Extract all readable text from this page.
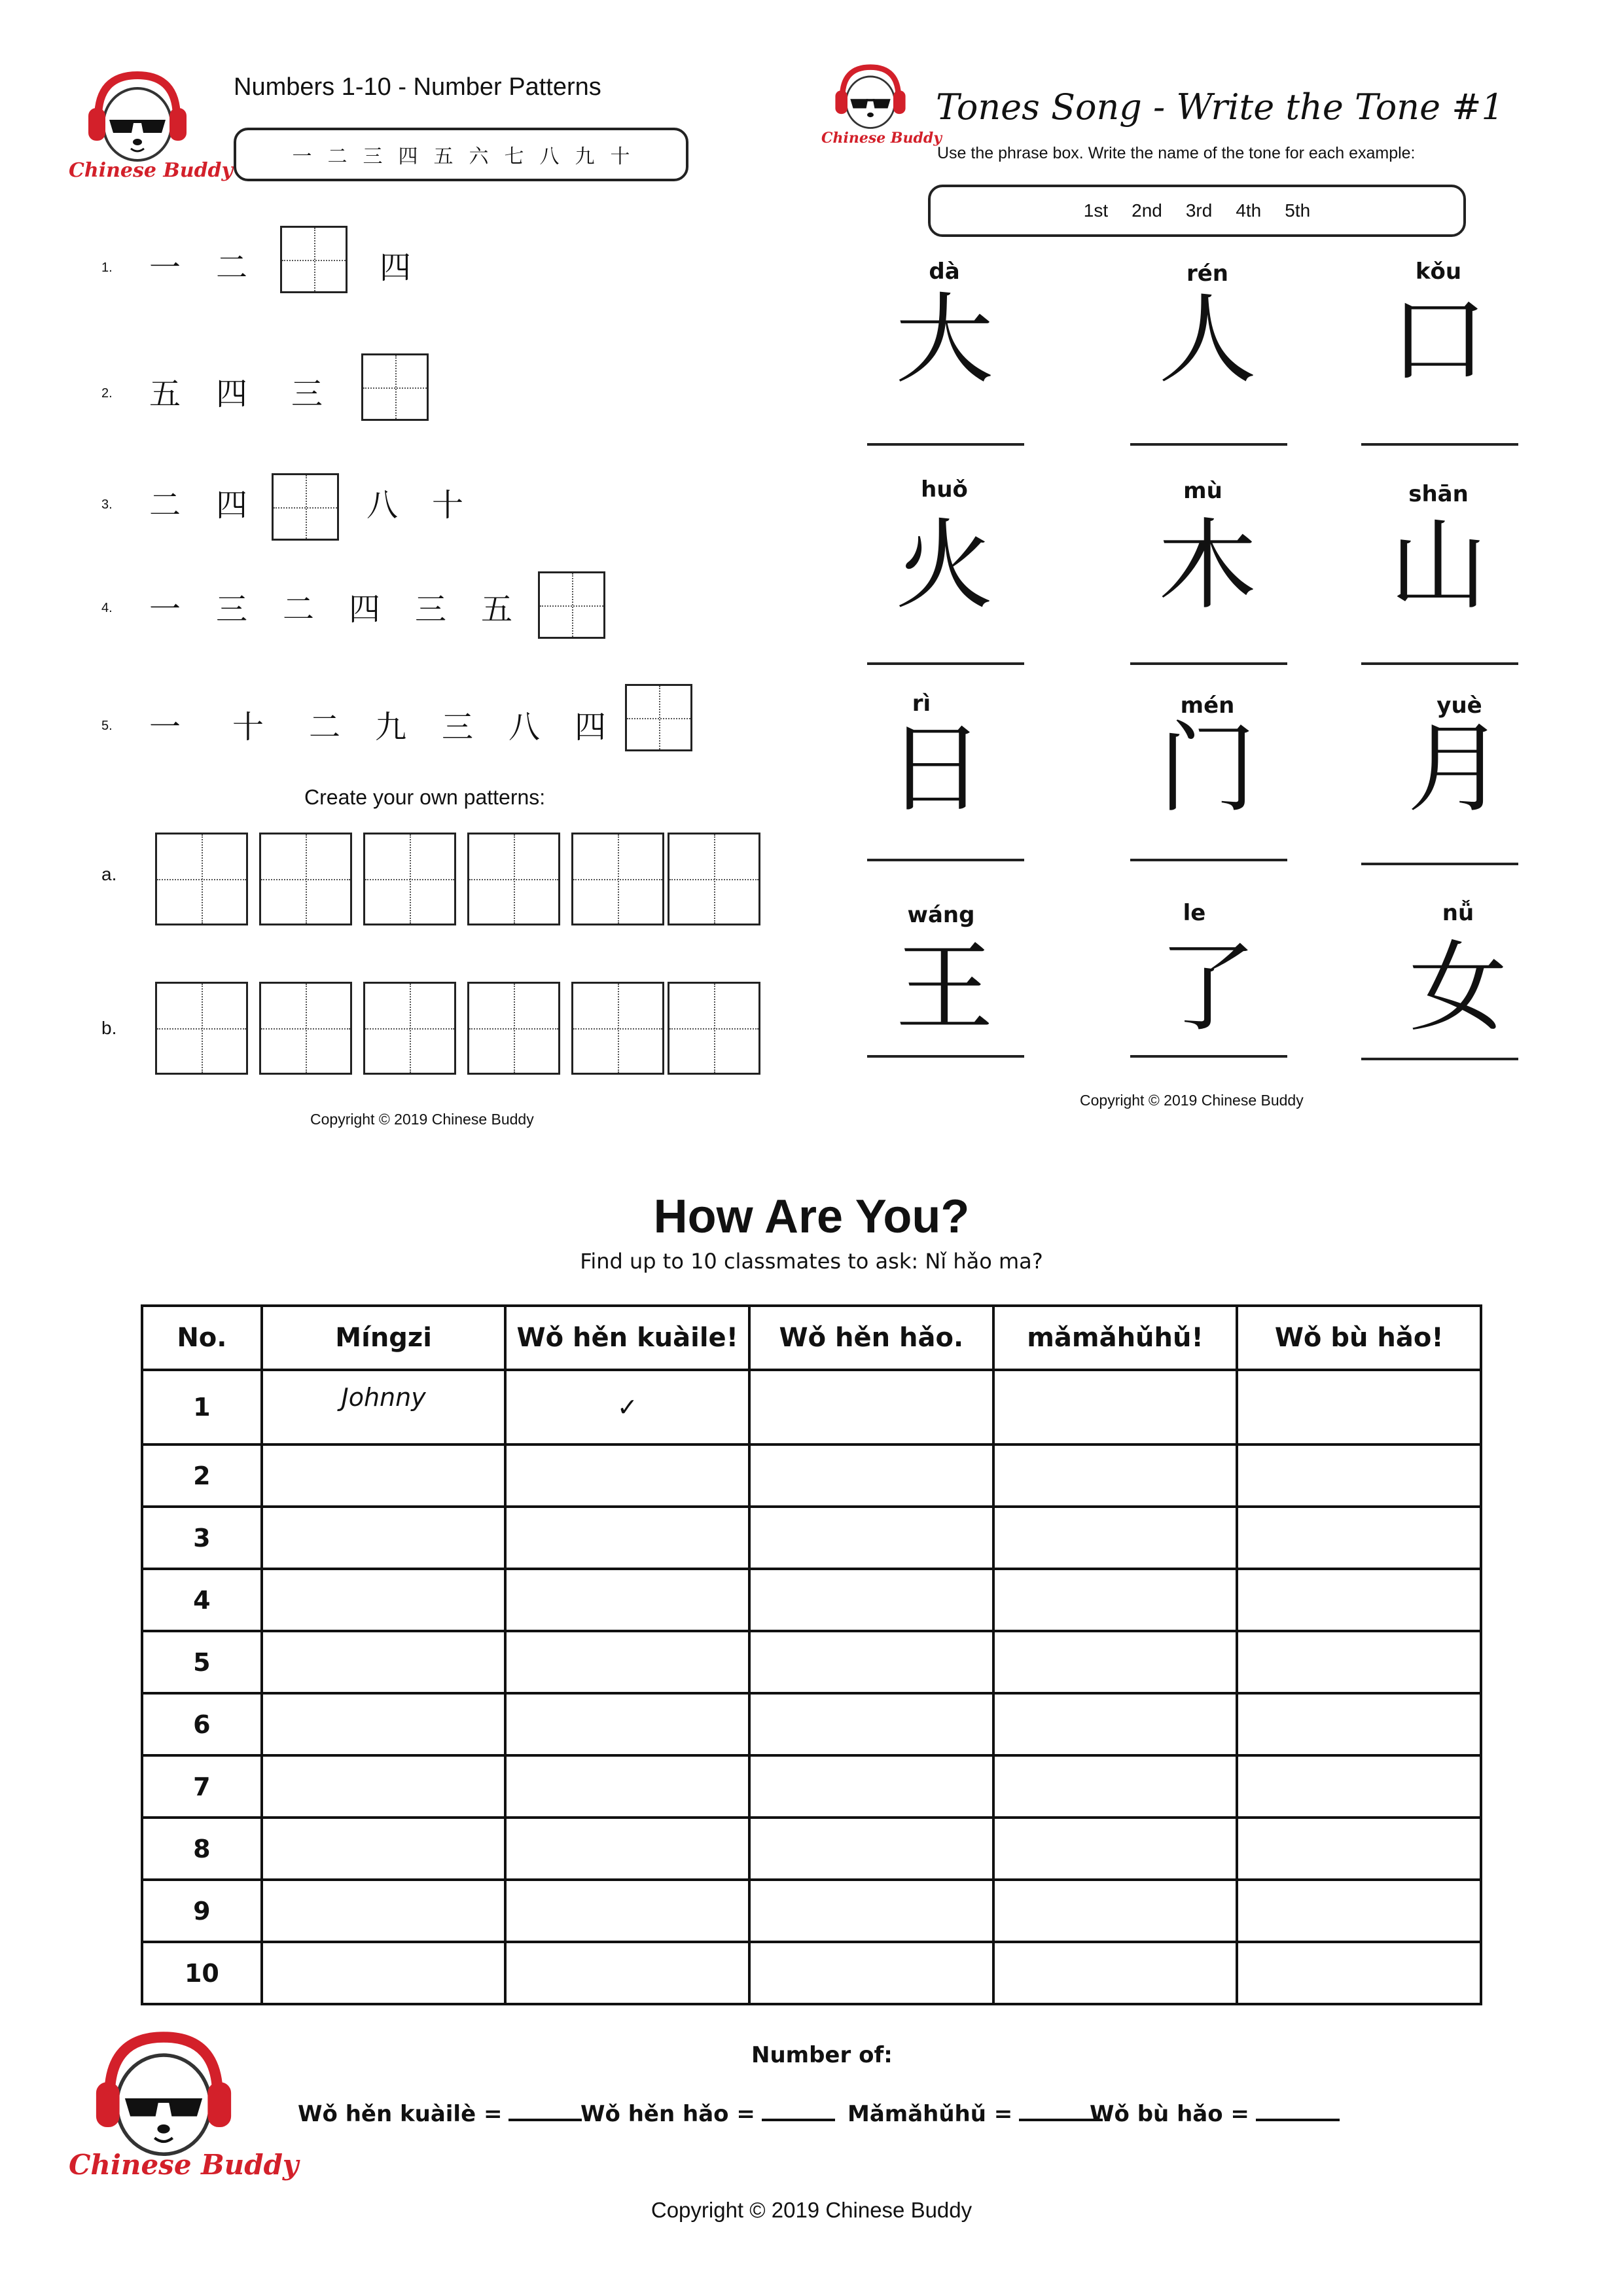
Chinese Buddy
Numbers 1-10 - Number Patterns
一 二 三 四 五 六 七 八 九 十
1. 一 二	四
2. 五 四 三
3. 二 四	八 十
4. 一 三 二 四 三 五
5. 一 十 二 九 三 八 四
Create your own patterns:
a.
b.
Copyright © 2019 Chinese Buddy
Chinese Buddy
Tones Song - Write the Tone #1
Use the phrase box. Write the name of the tone for each example:
1st 2nd 3rd 4th 5th
dà
大
rén
人
kǒu
口
huǒ
火
mù
木
shān
山
rì
日
mén
门
yuè
月
wáng
王
le
了
nǚ
女
Copyright © 2019 Chinese Buddy
How Are You?
Find up to 10 classmates to ask: Nǐ hǎo ma?
No.	Míngzi	Wǒ hěn kuàile!	Wǒ hěn hǎo.	mǎmǎhǔhǔ!	Wǒ bù hǎo!
1	Johnny	✓			
2					
3					
4					
5					
6					
7					
8					
9					
10					
Chinese Buddy
Number of:
Wǒ hěn kuàilè =	Wǒ hěn hǎo =	Mǎmǎhǔhǔ =	Wǒ bù hǎo =
Copyright © 2019 Chinese Buddy
